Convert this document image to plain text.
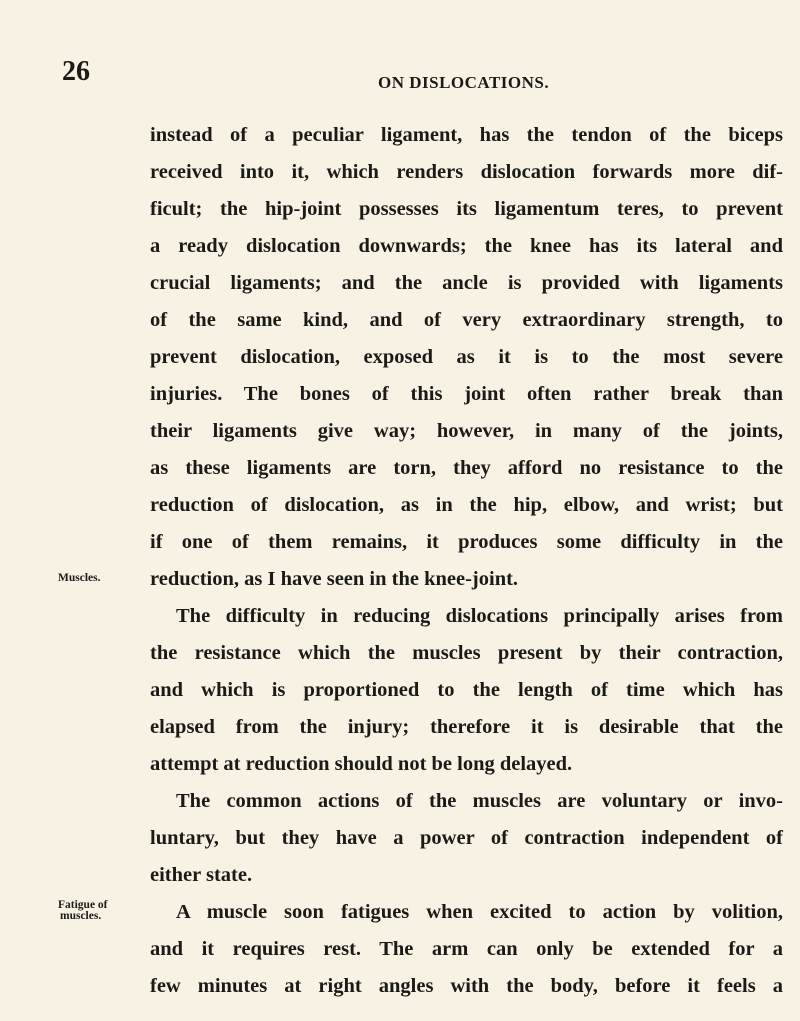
26	ON DISLOCATIONS.
Muscles.
Fatigue of
muscles.
instead of a peculiar ligament, has the tendon of the biceps
received into it, which renders dislocation forwards more dif-
ficult; the hip-joint possesses its ligamentum teres, to prevent
a ready dislocation downwards; the knee has its lateral and
crucial ligaments; and the ancle is provided with ligaments
of the same kind, and of very extraordinary strength, to
prevent dislocation, exposed as it is to the most severe
injuries. The bones of this joint often rather break than
their ligaments give way; however, in many of the joints,
as these ligaments are torn, they afford no resistance to the
reduction of dislocation, as in the hip, elbow, and wrist; but
if one of them remains, it produces some difficulty in the
reduction, as I have seen in the knee-joint.
The difficulty in reducing dislocations principally arises from
the resistance which the muscles present by their contraction,
and which is proportioned to the length of time which has
elapsed from the injury; therefore it is desirable that the
attempt at reduction should not be long delayed.
The common actions of the muscles are voluntary or invo-
luntary, but they have a power of contraction independent of
either state.
A muscle soon fatigues when excited to action by volition,
and it requires rest. The arm can only be extended for a
few minutes at right angles with the body, before it feels a
